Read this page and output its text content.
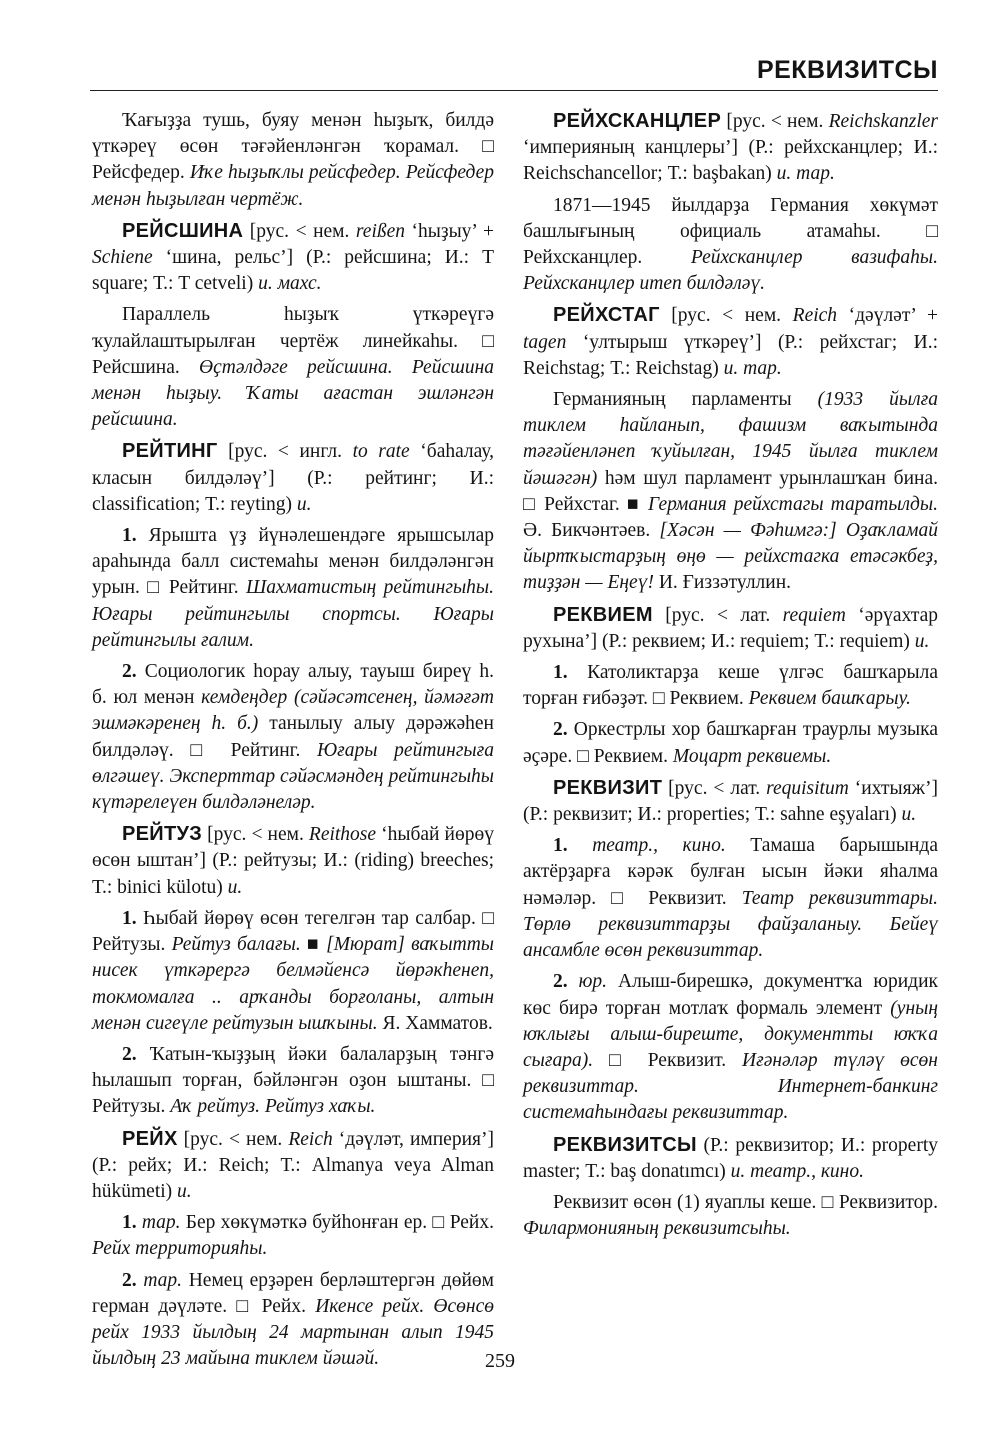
РЕКВИЗИТСЫ

Ҡағыҙҙа тушь, буяу менән һыҙыҡ, билдә үткәреү өсөн тәғәйенләнгән ҡорамал. □ Рейсфедер. Иҡе һыҙыҡлы рейсфедер. Рейсфедер менән һыҙылған чертёж.

РЕЙСШИНА [рус. < нем. reißen ‘һыҙыу’ + Schiene ‘шина, рельс’] (Р.: рейсшина; И.: T square; Т.: T cetveli) и. махс.

Параллель һыҙыҡ үткәреүгә ҡулайлаштырылған чертёж линейкаһы. □ Рейсшина. Өҫтәлдәге рейсшина. Рейсшина менән һыҙыу. Ҡаты ағастан эшләнгән рейсшина.

РЕЙТИНГ [рус. < ингл. to rate ‘баһалау, класын билдәләү’] (Р.: рейтинг; И.: classification; Т.: reyting) и.

1. Ярышта үҙ йүнәлешендәге ярышсылар араһында балл системаһы менән билдәләнгән урын. □ Рейтинг. Шахматистың рейтингыһы. Юғары рейтингылы спортсы. Юғары рейтингылы ғалим.

2. Социологик һорау алыу, тауыш биреү һ. б. юл менән кемдеңдер (сәйәсәтсенең, йәмәғәт эшмәкәренең һ. б.) танылыу алыу дәрәжәһен билдәләү. □ Рейтинг. Юғары рейтингыға өлгәшеү. Эксперттар сәйәсмәндең рейтингыһы күтәрелеүен билдәләнеләр.

РЕЙТУЗ [рус. < нем. Reithose ‘һыбай йөрөү өсөн ыштан’] (Р.: рейтузы; И.: (riding) breeches; Т.: binici külotu) и.

1. Һыбай йөрөү өсөн тегелгән тар салбар. □ Рейтузы. Рейтуз балағы. ■ [Мюрат] ваҡытты нисек үткәрергә белмәйенсә йөрәкһенеп, токмомалға .. арҡанды борғоланы, алтын менән сигеүле рейтузын ышҡыны. Я. Хамматов.

2. Ҡатын-ҡыҙҙың йәки балаларҙың тәнгә һылашып торған, бәйләнгән оҙон ыштаны. □ Рейтузы. Аҡ рейтуз. Рейтуз хаҡы.

РЕЙХ [рус. < нем. Reich ‘дәүләт, империя’] (Р.: рейх; И.: Reich; Т.: Almanya veya Alman hükümeti) и.

1. тар. Бер хөкүмәткә буйһонған ер. □ Рейх. Рейх территорияһы.

2. тар. Немец ерҙәрен берләштергән дөйөм герман дәүләте. □ Рейх. Икенсе рейх. Өсөнсө рейх 1933 йылдың 24 мартынан алып 1945 йылдың 23 майына тиклем йәшәй.

РЕЙХСКАНЦЛЕР [рус. < нем. Reichskanzler ‘империяның канцлеры’] (Р.: рейхсканцлер; И.: Reichschancellor; Т.: başbakan) и. тар.

1871—1945 йылдарҙа Германия хөкүмәт башлығының официаль атамаһы. □ Рейхсканцлер. Рейхсканцлер вазифаһы. Рейхсканцлер итеп билдәләү.

РЕЙХСТАГ [рус. < нем. Reich ‘дәүләт’ + tagen ‘ултырыш үткәреү’] (Р.: рейхстаг; И.: Reichstag; Т.: Reichstag) и. тар.

Германияның парламенты (1933 йылға тиклем һайланып, фашизм ваҡытында тәғәйенләнеп ҡуйылған, 1945 йылға тиклем йәшәгән) һәм шул парламент урынлашҡан бина. □ Рейхстаг. ■ Германия рейхстагы таратылды. Ә. Бикчәнтәев. [Хәсән — Фәһимгә:] Оҙаҡламай йыртҡыстарҙың өңө — рейхстагка етәсәкбеҙ, тиҙҙән — Еңеү! И. Ғиззәтуллин.

РЕКВИЕМ [рус. < лат. requiem ‘әрүахтар рухына’] (Р.: реквием; И.: requiem; Т.: requiem) и.

1. Католиктарҙа кеше үлгәс башҡарыла торған ғибәҙәт. □ Реквием. Реквием башҡарыу.

2. Оркестрлы хор башҡарған траурлы музыка әҫәре. □ Реквием. Моцарт реквиемы.

РЕКВИЗИТ [рус. < лат. requisitum ‘ихтыяж’] (Р.: реквизит; И.: properties; Т.: sahne eşyaları) и.

1. театр., кино. Тамаша барышында актёрҙарға кәрәк булған ысын йәки яһалма нәмәләр. □ Реквизит. Театр реквизиттары. Төрлө реквизиттарҙы файҙаланыу. Бейеү ансамбле өсөн реквизиттар.

2. юр. Алыш-бирешкә, документҡа юридик көс бирә торған мотлаҡ формаль элемент (уның юҡлығы алыш-биреште, документты юҡҡа сығара). □ Реквизит. Иғәнәләр түләү өсөн реквизиттар. Интернет-банкинг системаһындағы реквизиттар.

РЕКВИЗИТСЫ (Р.: реквизитор; И.: property master; Т.: baş donatımcı) и. театр., кино.

Реквизит өсөн (1) яуаплы кеше. □ Реквизитор. Филармонияның реквизитсыһы.

259
